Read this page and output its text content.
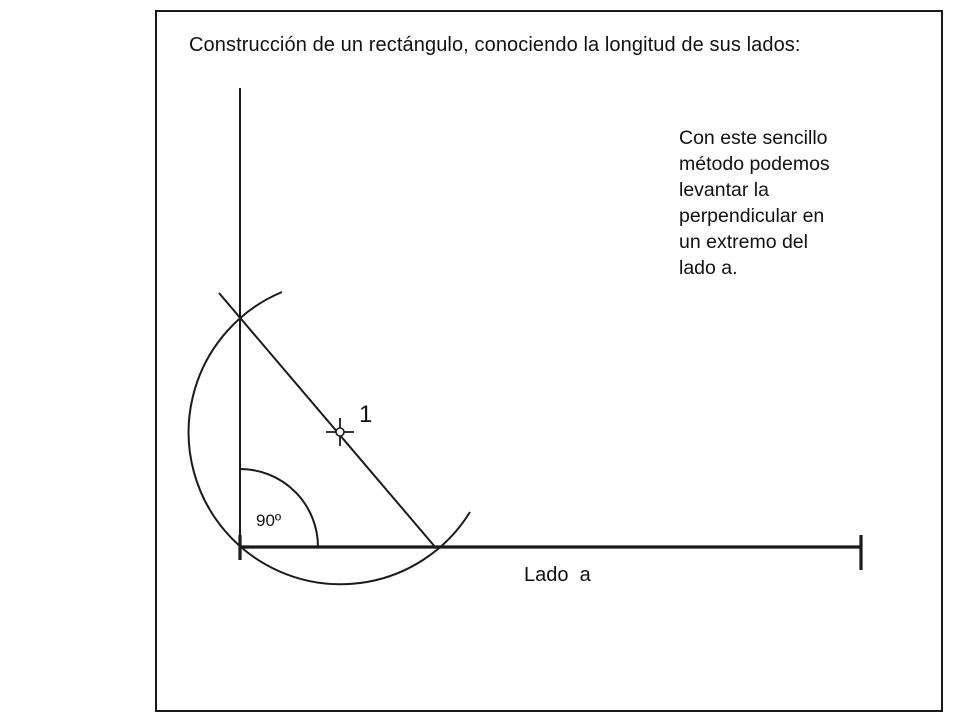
Construcción de un rectángulo, conociendo la longitud de sus lados:
Con este sencillo
método podemos
levantar la
perpendicular en
un extremo del
lado a.
1
90º
Lado  a
